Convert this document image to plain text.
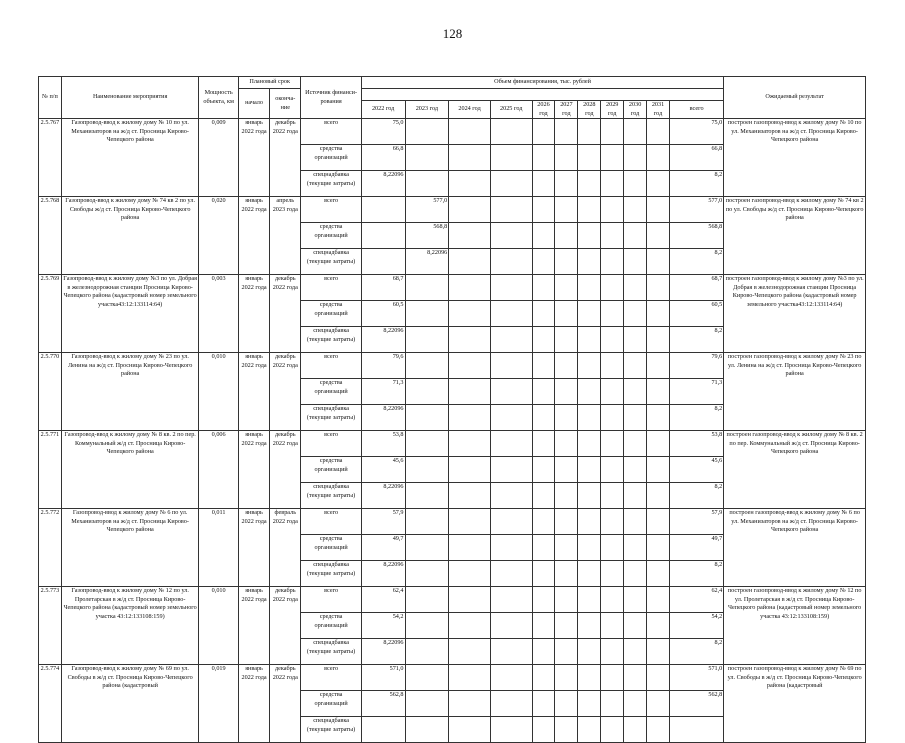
128
№ п/п	Наименование мероприятия	Мощность объекта, км	Плановый срок		Источник финанси-рования	Объем финансирования, тыс. рублей											Ожидаемый результат
			начало	оконча-ние													
						2022 год	2023 год	2024 год	2025 год	2026 год	2027 год	2028 год	2029 год	2030 год	2031 год	всего	
2.5.767	Газопровод-ввод к жилому дому № 10 по ул. Механизаторов на ж/д ст. Просница Кирово-Чепецкого района	0,009	январь 2022 года	декабрь 2022 года	всего	75,0										75,0	построен газопровод-ввод к жилому дому № 10 по ул. Механизаторов на ж/д ст. Просница Кирово-Чепецкого района
					средства организаций	66,8										66,8	
					спецнадбавка (текущие затраты)	8,22096										8,2	
2.5.768	Газопровод-ввод к жилому дому № 74 кв 2 по ул. Свободы ж/д ст. Просница Кирово-Чепецкого района	0,020	январь 2022 года	апрель 2023 года	всего		577,0									577,0	построен газопровод-ввод к жилому дому № 74 кв 2 по ул. Свободы ж/д ст. Просница Кирово-Чепецкого района
					средства организаций		568,8									568,8	
					спецнадбавка (текущие затраты)		8,22096									8,2	
2.5.769	Газопровод-ввод к жилому дому №3 по ул. Добрая в железнодорожная станции Просница Кирово-Чепецкого района (кадастровый номер земельного участка43:12:133114:64)	0,003	январь 2022 года	декабрь 2022 года	всего	68,7										68,7	построен газопровод-ввод к жилому дому №3 по ул. Добрая в железнодорожная станции Просница Кирово-Чепецкого района (кадастровый номер земельного участка43:12:133114:64)
					средства организаций	60,5										60,5	
					спецнадбавка (текущие затраты)	8,22096										8,2	
2.5.770	Газопровод-ввод к жилому дому № 23 по ул. Ленина на ж/д ст. Просница Кирово-Чепецкого района	0,010	январь 2022 года	декабрь 2022 года	всего	79,6										79,6	построен газопровод-ввод к жилому дому № 23 по ул. Ленина на ж/д ст. Просница Кирово-Чепецкого района
					средства организаций	71,3										71,3	
					спецнадбавка (текущие затраты)	8,22096										8,2	
2.5.771	Газопровод-ввод к жилому дому № 8 кв. 2 по пер. Коммунальный ж/д ст. Просница Кирово-Чепецкого района	0,006	январь 2022 года	декабрь 2022 года	всего	53,8										53,8	построен газопровод-ввод к жилому дому № 8 кв. 2 по пер. Коммунальный ж/д ст. Просница Кирово-Чепецкого района
					средства организаций	45,6										45,6	
					спецнадбавка (текущие затраты)	8,22096										8,2	
2.5.772	Газопровод-ввод к жилому дому № 6 по ул. Механизаторов на ж/д ст. Просница Кирово-Чепецкого района	0,011	январь 2022 года	февраль 2022 года	всего	57,9										57,9	построен газопровод-ввод к жилому дому № 6 по ул. Механизаторов на ж/д ст. Просница Кирово-Чепецкого района
					средства организаций	49,7										49,7	
					спецнадбавка (текущие затраты)	8,22096										8,2	
2.5.773	Газопровод-ввод к жилому дому № 12 по ул. Пролетарская в ж/д ст. Просница Кирово-Чепецкого района (кадастровый номер земельного участка 43:12:133108:159)	0,010	январь 2022 года	декабрь 2022 года	всего	62,4										62,4	построен газопровод-ввод к жилому дому № 12 по ул. Пролетарская в ж/д ст. Просница Кирово-Чепецкого района (кадастровый номер земельного участка 43:12:133108:159)
					средства организаций	54,2										54,2	
					спецнадбавка (текущие затраты)	8,22096										8,2	
2.5.774	Газопровод-ввод к жилому дому № 69 по ул. Свободы в ж/д ст. Просница Кирово-Чепецкого района (кадастровый	0,019	январь 2022 года	декабрь 2022 года	всего	571,0										571,0	построен газопровод-ввод к жилому дому № 69 по ул. Свободы в ж/д ст. Просница Кирово-Чепецкого района (кадастровый
					средства организаций	562,8										562,8	
					спецнадбавка (текущие затраты)												
